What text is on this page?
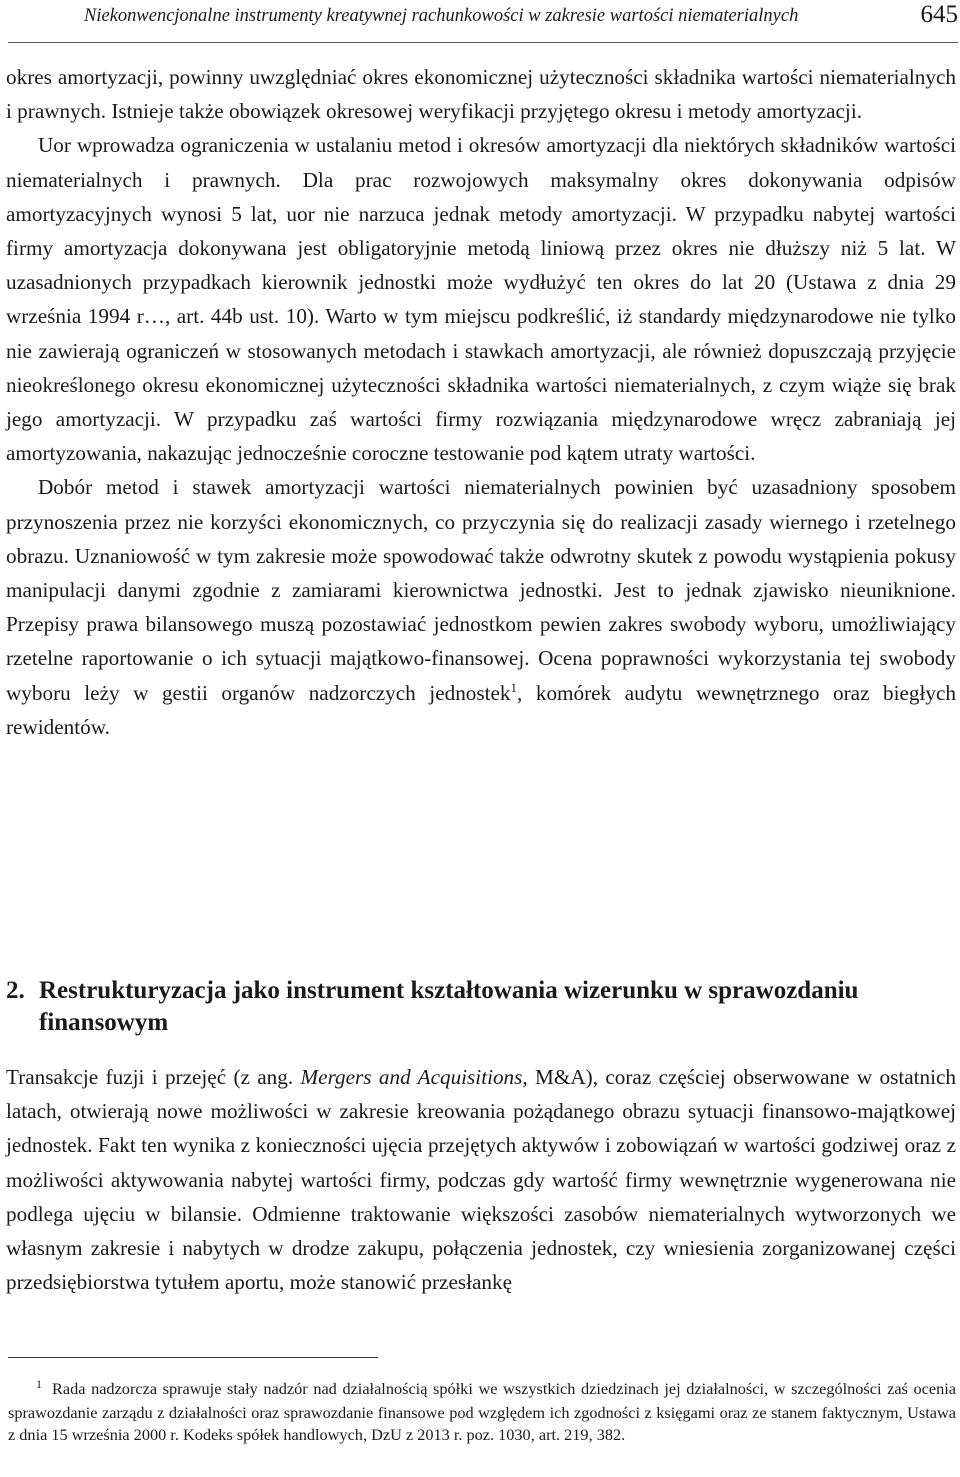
Niekonwencjonalne instrumenty kreatywnej rachunkowości w zakresie wartości niematerialnych	645

okres amortyzacji, powinny uwzględniać okres ekonomicznej użyteczności składnika wartości niematerialnych i prawnych. Istnieje także obowiązek okresowej weryfikacji przyjętego okresu i metody amortyzacji.

Uor wprowadza ograniczenia w ustalaniu metod i okresów amortyzacji dla niektórych składników wartości niematerialnych i prawnych. Dla prac rozwojowych maksymalny okres dokonywania odpisów amortyzacyjnych wynosi 5 lat, uor nie narzuca jednak metody amortyzacji. W przypadku nabytej wartości firmy amortyzacja dokonywana jest obligatoryjnie metodą liniową przez okres nie dłuższy niż 5 lat. W uzasadnionych przypadkach kierownik jednostki może wydłużyć ten okres do lat 20 (Ustawa z dnia 29 września 1994 r…, art. 44b ust. 10). Warto w tym miejscu podkreślić, iż standardy międzynarodowe nie tylko nie zawierają ograniczeń w stosowanych metodach i stawkach amortyzacji, ale również dopuszczają przyjęcie nieokreślonego okresu ekonomicznej użyteczności składnika wartości niematerialnych, z czym wiąże się brak jego amortyzacji. W przypadku zaś wartości firmy rozwiązania międzynarodowe wręcz zabraniają jej amortyzowania, nakazując jednocześnie coroczne testowanie pod kątem utraty wartości.

Dobór metod i stawek amortyzacji wartości niematerialnych powinien być uzasadniony sposobem przynoszenia przez nie korzyści ekonomicznych, co przyczynia się do realizacji zasady wiernego i rzetelnego obrazu. Uznaniowość w tym zakresie może spowodować także odwrotny skutek z powodu wystąpienia pokusy manipulacji danymi zgodnie z zamiarami kierownictwa jednostki. Jest to jednak zjawisko nieuniknione. Przepisy prawa bilansowego muszą pozostawiać jednostkom pewien zakres swobody wyboru, umożliwiający rzetelne raportowanie o ich sytuacji majątkowo-finansowej. Ocena poprawności wykorzystania tej swobody wyboru leży w gestii organów nadzorczych jednostek$^1$, komórek audytu wewnętrznego oraz biegłych rewidentów.

2. Restrukturyzacja jako instrument kształtowania wizerunku w sprawozdaniu finansowym

Transakcje fuzji i przejęć (z ang. Mergers and Acquisitions, M&A), coraz częściej obserwowane w ostatnich latach, otwierają nowe możliwości w zakresie kreowania pożądanego obrazu sytuacji finansowo-majątkowej jednostek. Fakt ten wynika z konieczności ujęcia przejętych aktywów i zobowiązań w wartości godziwej oraz z możliwości aktywowania nabytej wartości firmy, podczas gdy wartość firmy wewnętrznie wygenerowana nie podlega ujęciu w bilansie. Odmienne traktowanie większości zasobów niematerialnych wytworzonych we własnym zakresie i nabytych w drodze zakupu, połączenia jednostek, czy wniesienia zorganizowanej części przedsiębiorstwa tytułem aportu, może stanowić przesłankę

$^1$ Rada nadzorcza sprawuje stały nadzór nad działalnością spółki we wszystkich dziedzinach jej działalności, w szczególności zaś ocenia sprawozdanie zarządu z działalności oraz sprawozdanie finansowe pod względem ich zgodności z księgami oraz ze stanem faktycznym, Ustawa z dnia 15 września 2000 r. Kodeks spółek handlowych, DzU z 2013 r. poz. 1030, art. 219, 382.
